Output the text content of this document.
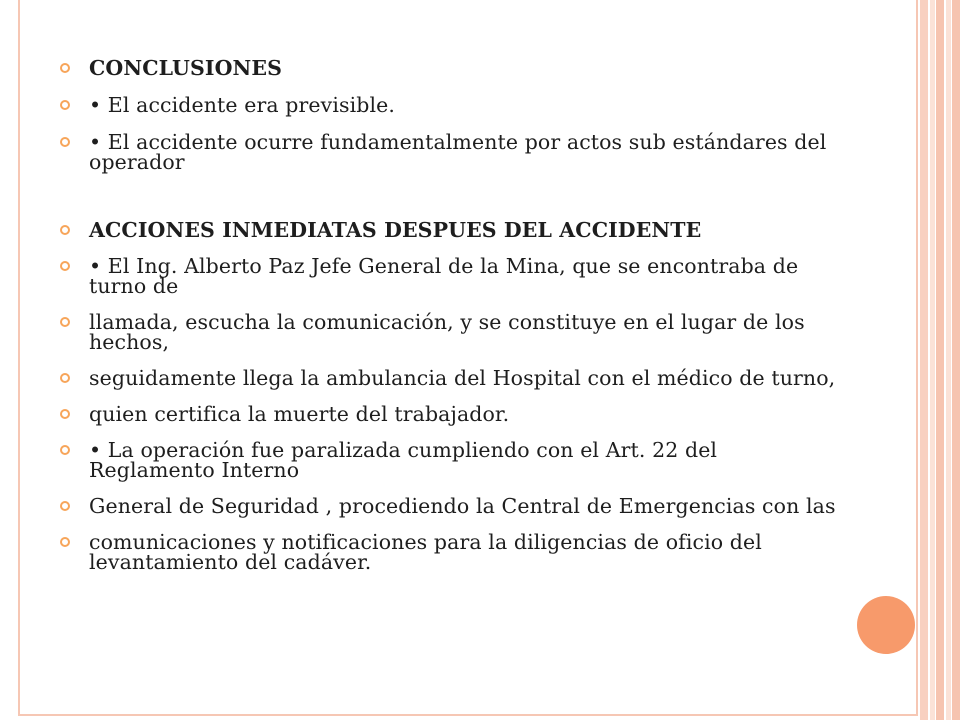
CONCLUSIONES
• El accidente era previsible.
• El accidente ocurre fundamentalmente por actos sub estándares del operador
ACCIONES INMEDIATAS DESPUES DEL ACCIDENTE
• El Ing. Alberto Paz Jefe General de la Mina, que se encontraba de turno de
llamada, escucha la comunicación, y se constituye en el lugar de los hechos,
seguidamente llega la ambulancia del Hospital con el médico de turno,
quien certifica la muerte del trabajador.
• La operación fue paralizada cumpliendo con el Art. 22 del Reglamento Interno
General de Seguridad , procediendo la Central de Emergencias con las
comunicaciones y notificaciones para la diligencias de oficio del levantamiento del cadáver.
